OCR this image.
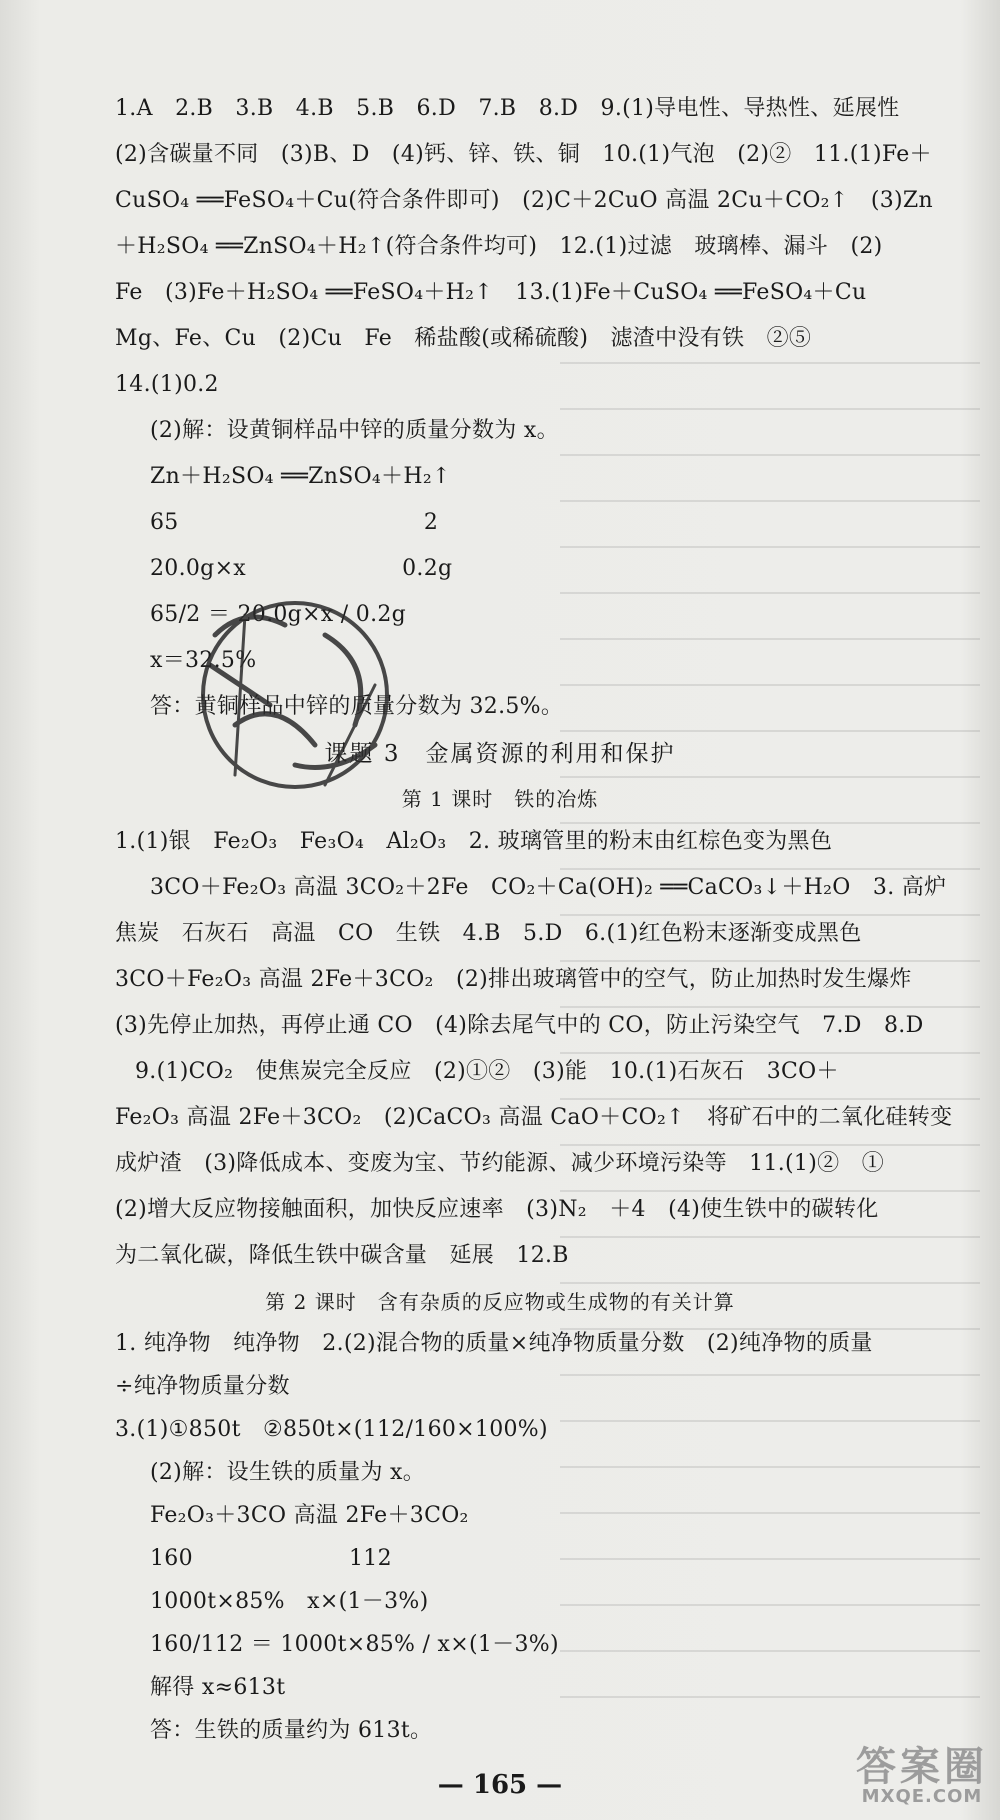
1.A　2.B　3.B　4.B　5.B　6.D　7.B　8.D　9.(1)导电性、导热性、延展性
(2)含碳量不同　(3)B、D　(4)钙、锌、铁、铜　10.(1)气泡　(2)②　11.(1)Fe＋
CuSO₄ ══FeSO₄＋Cu(符合条件即可)　(2)C＋2CuO 高温 2Cu＋CO₂↑　(3)Zn
＋H₂SO₄ ══ZnSO₄＋H₂↑(符合条件均可)　12.(1)过滤　玻璃棒、漏斗　(2)
Fe　(3)Fe＋H₂SO₄ ══FeSO₄＋H₂↑　13.(1)Fe＋CuSO₄ ══FeSO₄＋Cu
Mg、Fe、Cu　(2)Cu　Fe　稀盐酸(或稀硫酸)　滤渣中没有铁　②⑤
14.(1)0.2
(2)解：设黄铜样品中锌的质量分数为 x。
Zn＋H₂SO₄ ══ZnSO₄＋H₂↑
65　　　　　　　　　　　2
20.0g×x　　　　　　　0.2g
65/2 ＝ 20.0g×x / 0.2g
x＝32.5%
答：黄铜样品中锌的质量分数为 32.5%。
课题 3　金属资源的利用和保护
第 1 课时　铁的冶炼
1.(1)银　Fe₂O₃　Fe₃O₄　Al₂O₃　2. 玻璃管里的粉末由红棕色变为黑色
3CO＋Fe₂O₃ 高温 3CO₂＋2Fe　CO₂＋Ca(OH)₂ ══CaCO₃↓＋H₂O　3. 高炉
焦炭　石灰石　高温　CO　生铁　4.B　5.D　6.(1)红色粉末逐渐变成黑色
3CO＋Fe₂O₃ 高温 2Fe＋3CO₂　(2)排出玻璃管中的空气，防止加热时发生爆炸
(3)先停止加热，再停止通 CO　(4)除去尾气中的 CO，防止污染空气　7.D　8.D
9.(1)CO₂　使焦炭完全反应　(2)①②　(3)能　10.(1)石灰石　3CO＋
Fe₂O₃ 高温 2Fe＋3CO₂　(2)CaCO₃ 高温 CaO＋CO₂↑　将矿石中的二氧化硅转变
成炉渣　(3)降低成本、变废为宝、节约能源、减少环境污染等　11.(1)②　①
(2)增大反应物接触面积，加快反应速率　(3)N₂　＋4　(4)使生铁中的碳转化
为二氧化碳，降低生铁中碳含量　延展　12.B
第 2 课时　含有杂质的反应物或生成物的有关计算
1. 纯净物　纯净物　2.(2)混合物的质量×纯净物质量分数　(2)纯净物的质量
÷纯净物质量分数
3.(1)①850t　②850t×(112/160×100%)
(2)解：设生铁的质量为 x。
Fe₂O₃＋3CO 高温 2Fe＋3CO₂
160　　　　　　　112
1000t×85%　x×(1－3%)
160/112 ＝ 1000t×85% / x×(1－3%)
解得 x≈613t
答：生铁的质量约为 613t。
— 165 —	答案圈
MXQE.COM
